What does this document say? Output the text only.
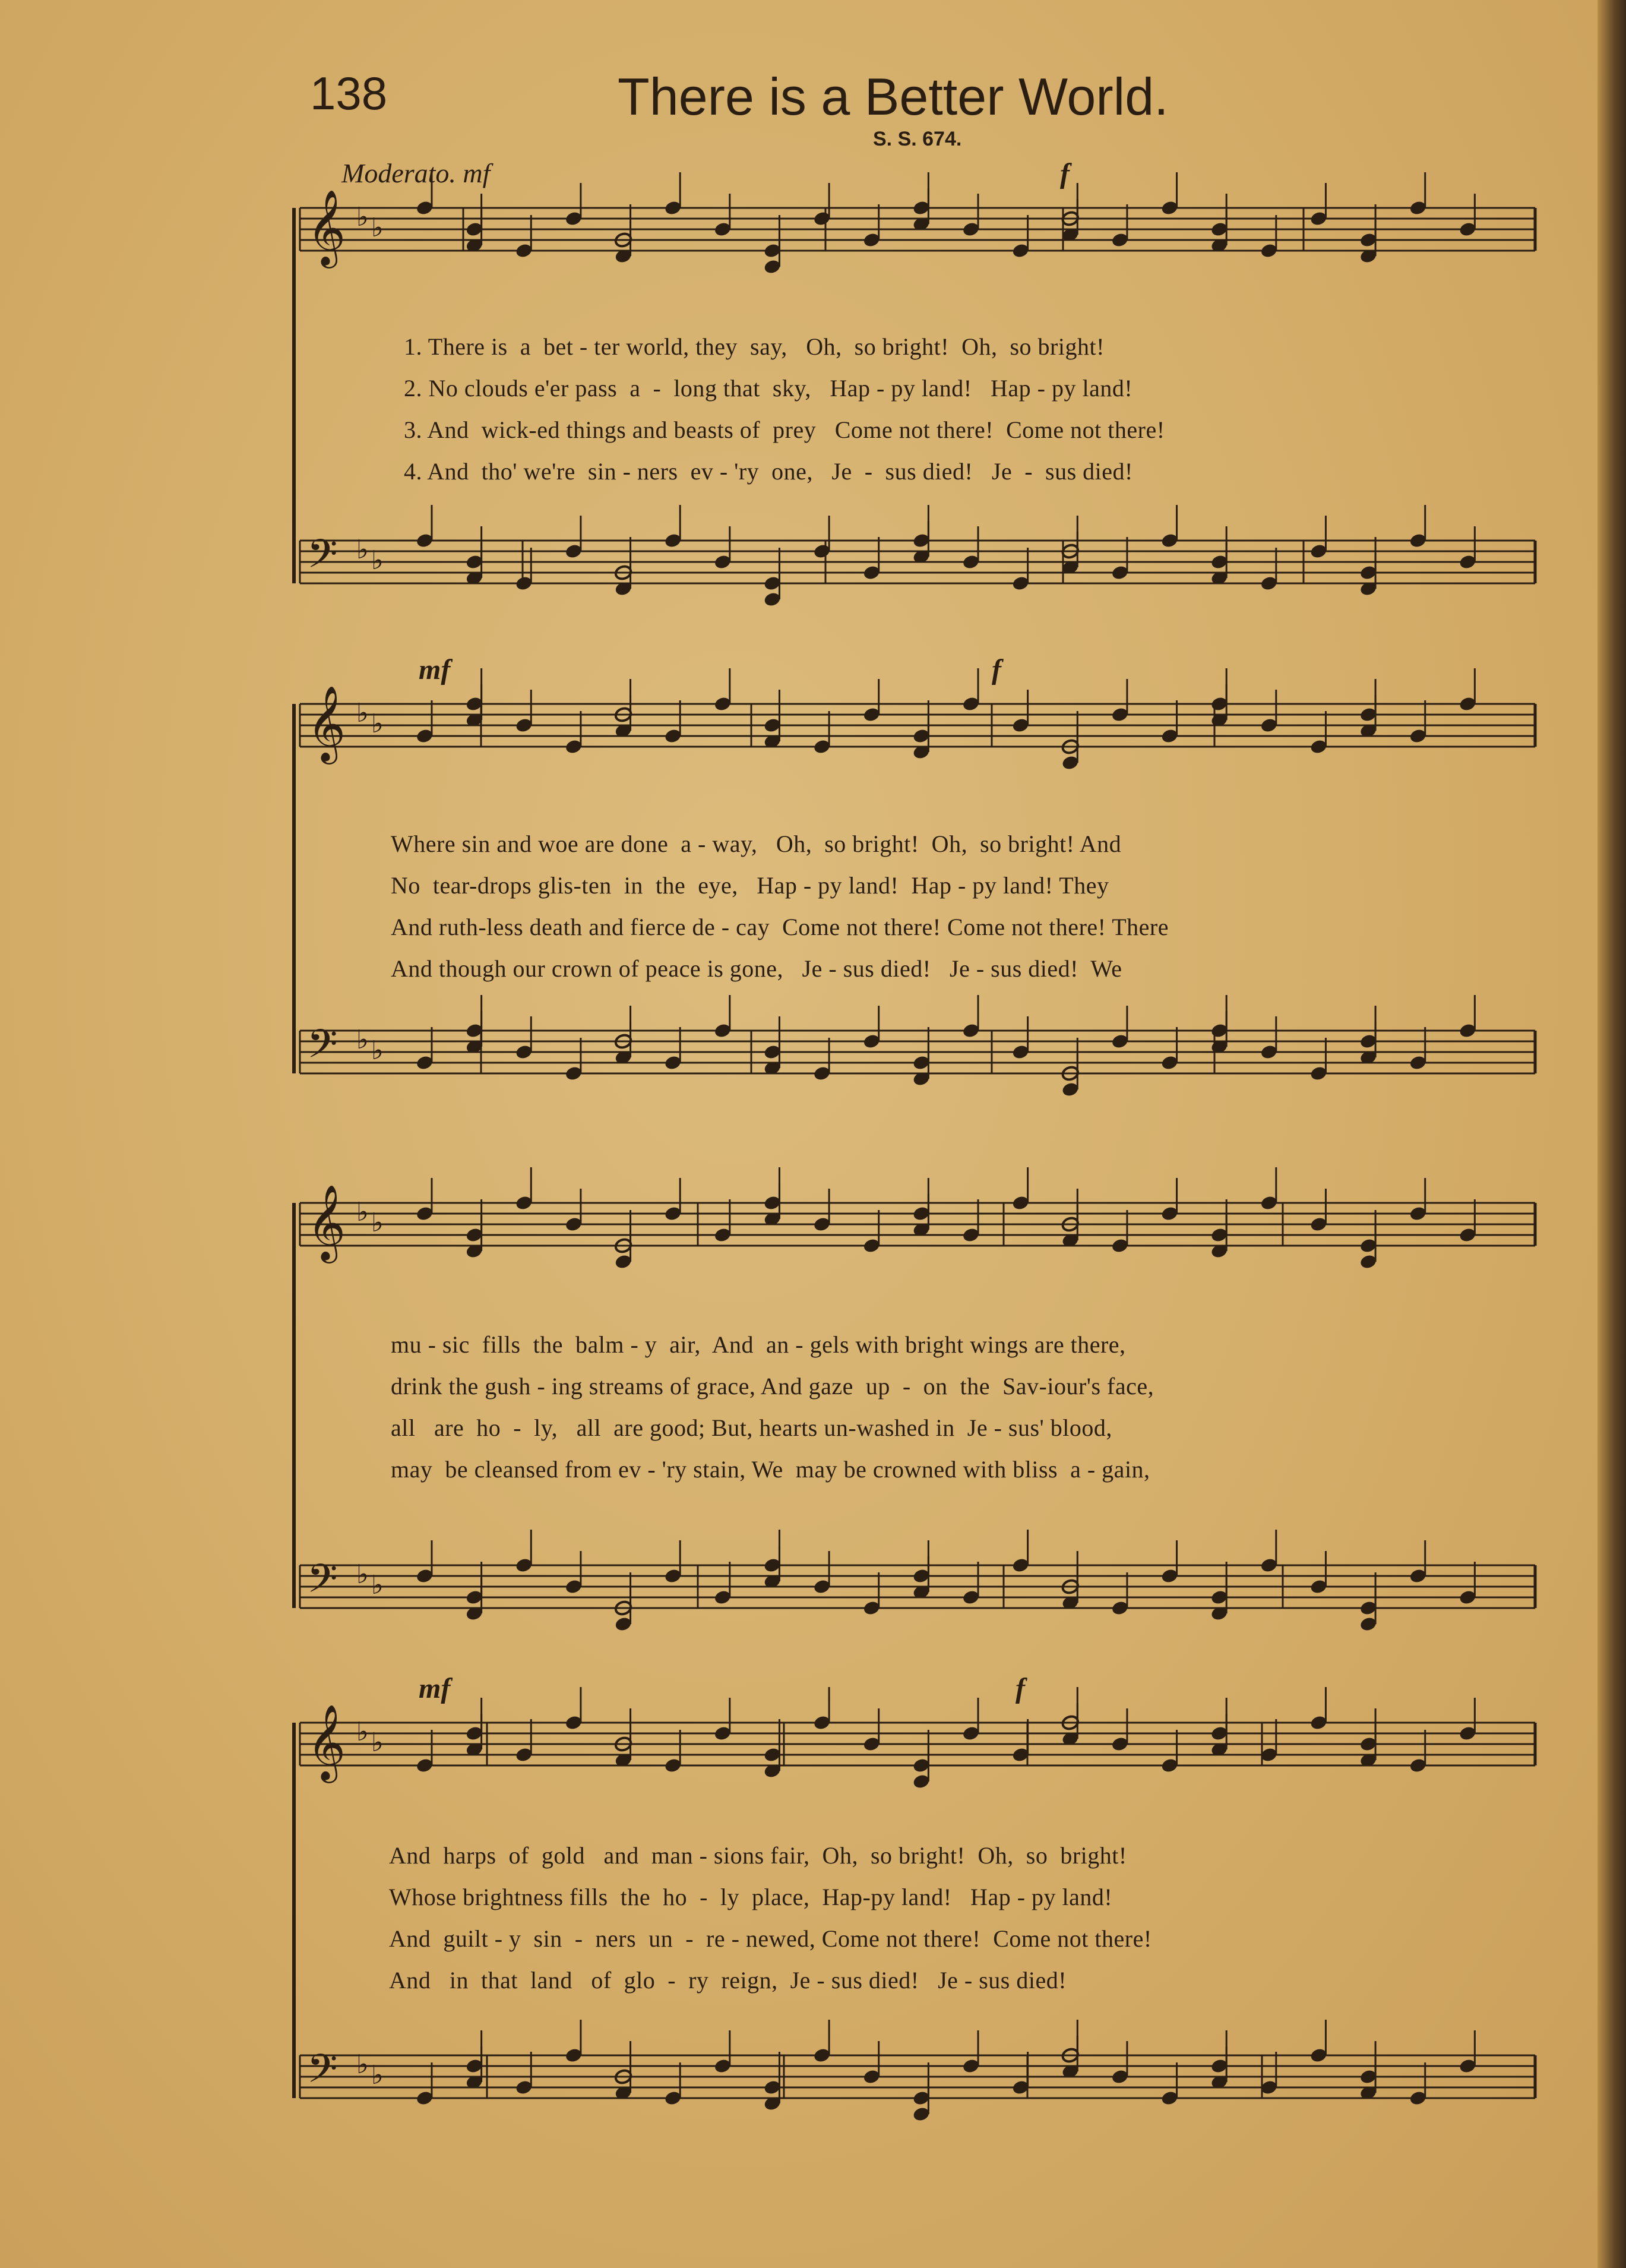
138	There is a Better World.
S. S. 674.
Moderato. mf	f
mf	f
mf	f
𝄞 ♭ ♭
𝄢 ♭ ♭
𝄞 ♭ ♭
𝄢 ♭ ♭
𝄞 ♭ ♭
𝄢 ♭ ♭
𝄞 ♭ ♭
𝄢 ♭ ♭
1. There is  a  bet - ter world, they  say,   Oh,  so bright!  Oh,  so bright!
2. No clouds e'er pass  a  -  long that  sky,   Hap - py land!   Hap - py land!
3. And  wick-ed things and beasts of  prey   Come not there!  Come not there!
4. And  tho' we're  sin - ners  ev - 'ry  one,   Je  -  sus died!   Je  -  sus died!
Where sin and woe are done  a - way,   Oh,  so bright!  Oh,  so bright! And
No  tear-drops glis-ten  in  the  eye,   Hap - py land!  Hap - py land! They
And ruth-less death and fierce de - cay  Come not there! Come not there! There
And though our crown of peace is gone,   Je - sus died!   Je - sus died!  We
mu - sic  fills  the  balm - y  air,  And  an - gels with bright wings are there,
drink the gush - ing streams of grace, And gaze  up  -  on  the  Sav-iour's face,
all   are  ho  -  ly,   all  are good; But, hearts un-washed in  Je - sus' blood,
may  be cleansed from ev - 'ry stain, We  may be crowned with bliss  a - gain,
And  harps  of  gold   and  man - sions fair,  Oh,  so bright!  Oh,  so  bright!
Whose brightness fills  the  ho  -  ly  place,  Hap-py land!   Hap - py land!
And  guilt - y  sin  -  ners  un  -  re - newed, Come not there!  Come not there!
And   in  that  land   of  glo  -  ry  reign,  Je - sus died!   Je - sus died!
